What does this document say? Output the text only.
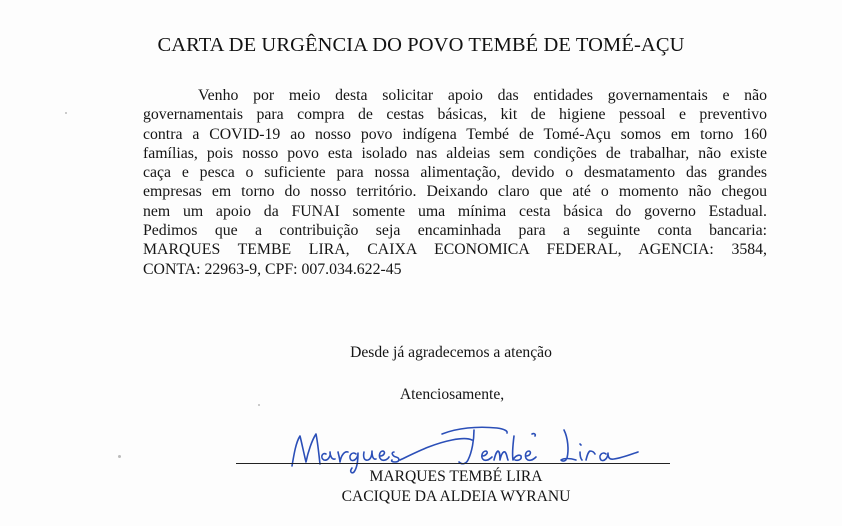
CARTA DE URGÊNCIA DO POVO TEMBÉ DE TOMÉ-AÇU
Venho por meio desta solicitar apoio das entidades governamentais e não
governamentais para compra de cestas básicas, kit de higiene pessoal e preventivo
contra a COVID-19 ao nosso povo indígena Tembé de Tomé-Açu somos em torno 160
famílias, pois nosso povo esta isolado nas aldeias sem condições de trabalhar, não existe
caça e pesca o suficiente para nossa alimentação, devido o desmatamento das grandes
empresas em torno do nosso território. Deixando claro que até o momento não chegou
nem um apoio da FUNAI somente uma mínima cesta básica do governo Estadual.
Pedimos que a contribuição seja encaminhada para a seguinte conta bancaria:
MARQUES TEMBE LIRA, CAIXA ECONOMICA FEDERAL, AGENCIA: 3584,
CONTA: 22963-9, CPF: 007.034.622-45
Desde já agradecemos a atenção
Atenciosamente,
MARQUES TEMBÉ LIRA
CACIQUE DA ALDEIA WYRANU
